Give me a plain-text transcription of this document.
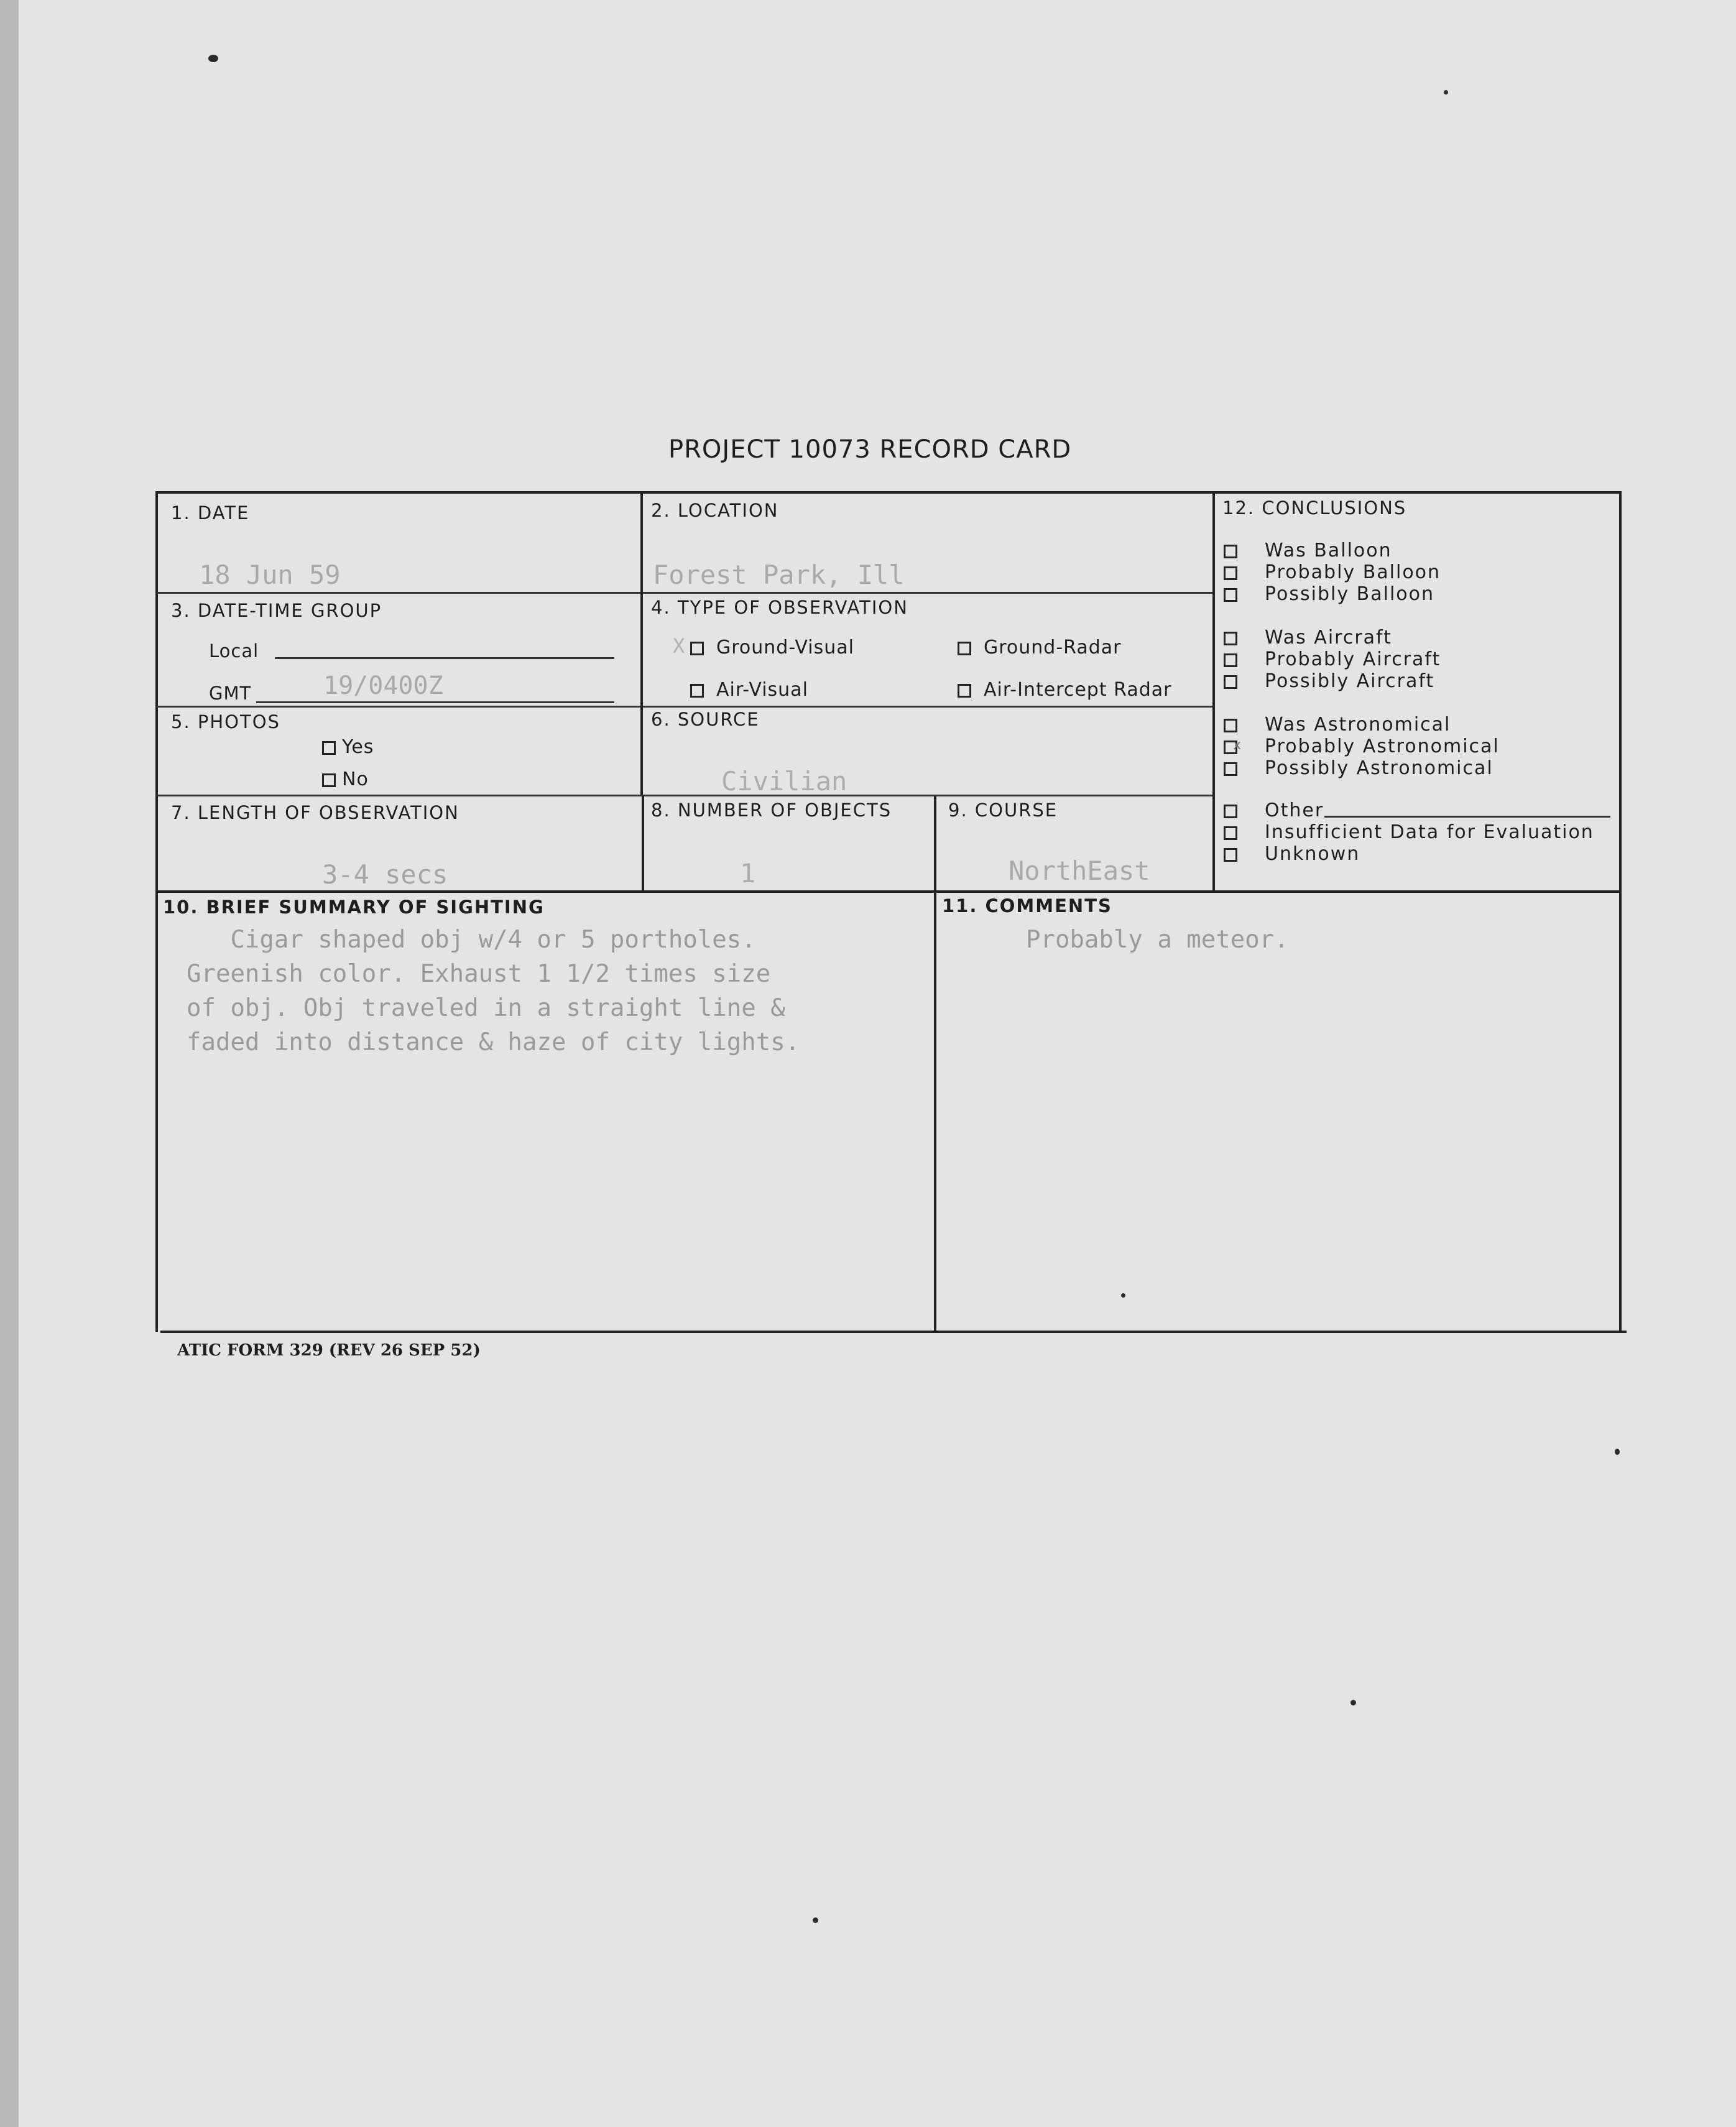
PROJECT 10073 RECORD CARD
1. DATE
18 Jun 59
2. LOCATION
Forest Park, Ill
3. DATE-TIME GROUP
Local
GMT	19/0400Z
4. TYPE OF OBSERVATION
X	Ground-Visual	Ground-Radar
Air-Visual	Air-Intercept Radar
5. PHOTOS
Yes
No
6. SOURCE
Civilian
7. LENGTH OF OBSERVATION
3-4 secs
8. NUMBER OF OBJECTS
1
9. COURSE
NorthEast
10. BRIEF SUMMARY OF SIGHTING
Cigar shaped obj w/4 or 5 portholes.
Greenish color. Exhaust 1 1/2 times size
of obj. Obj traveled in a straight line &
faded into distance & haze of city lights.
11. COMMENTS
Probably a meteor.
12. CONCLUSIONS
Was Balloon
Probably Balloon
Possibly Balloon
Was Aircraft
Probably Aircraft
Possibly Aircraft
Was Astronomical
x Probably Astronomical
Possibly Astronomical
Other
Insufficient Data for Evaluation
Unknown
ATIC FORM 329 (REV 26 SEP 52)
